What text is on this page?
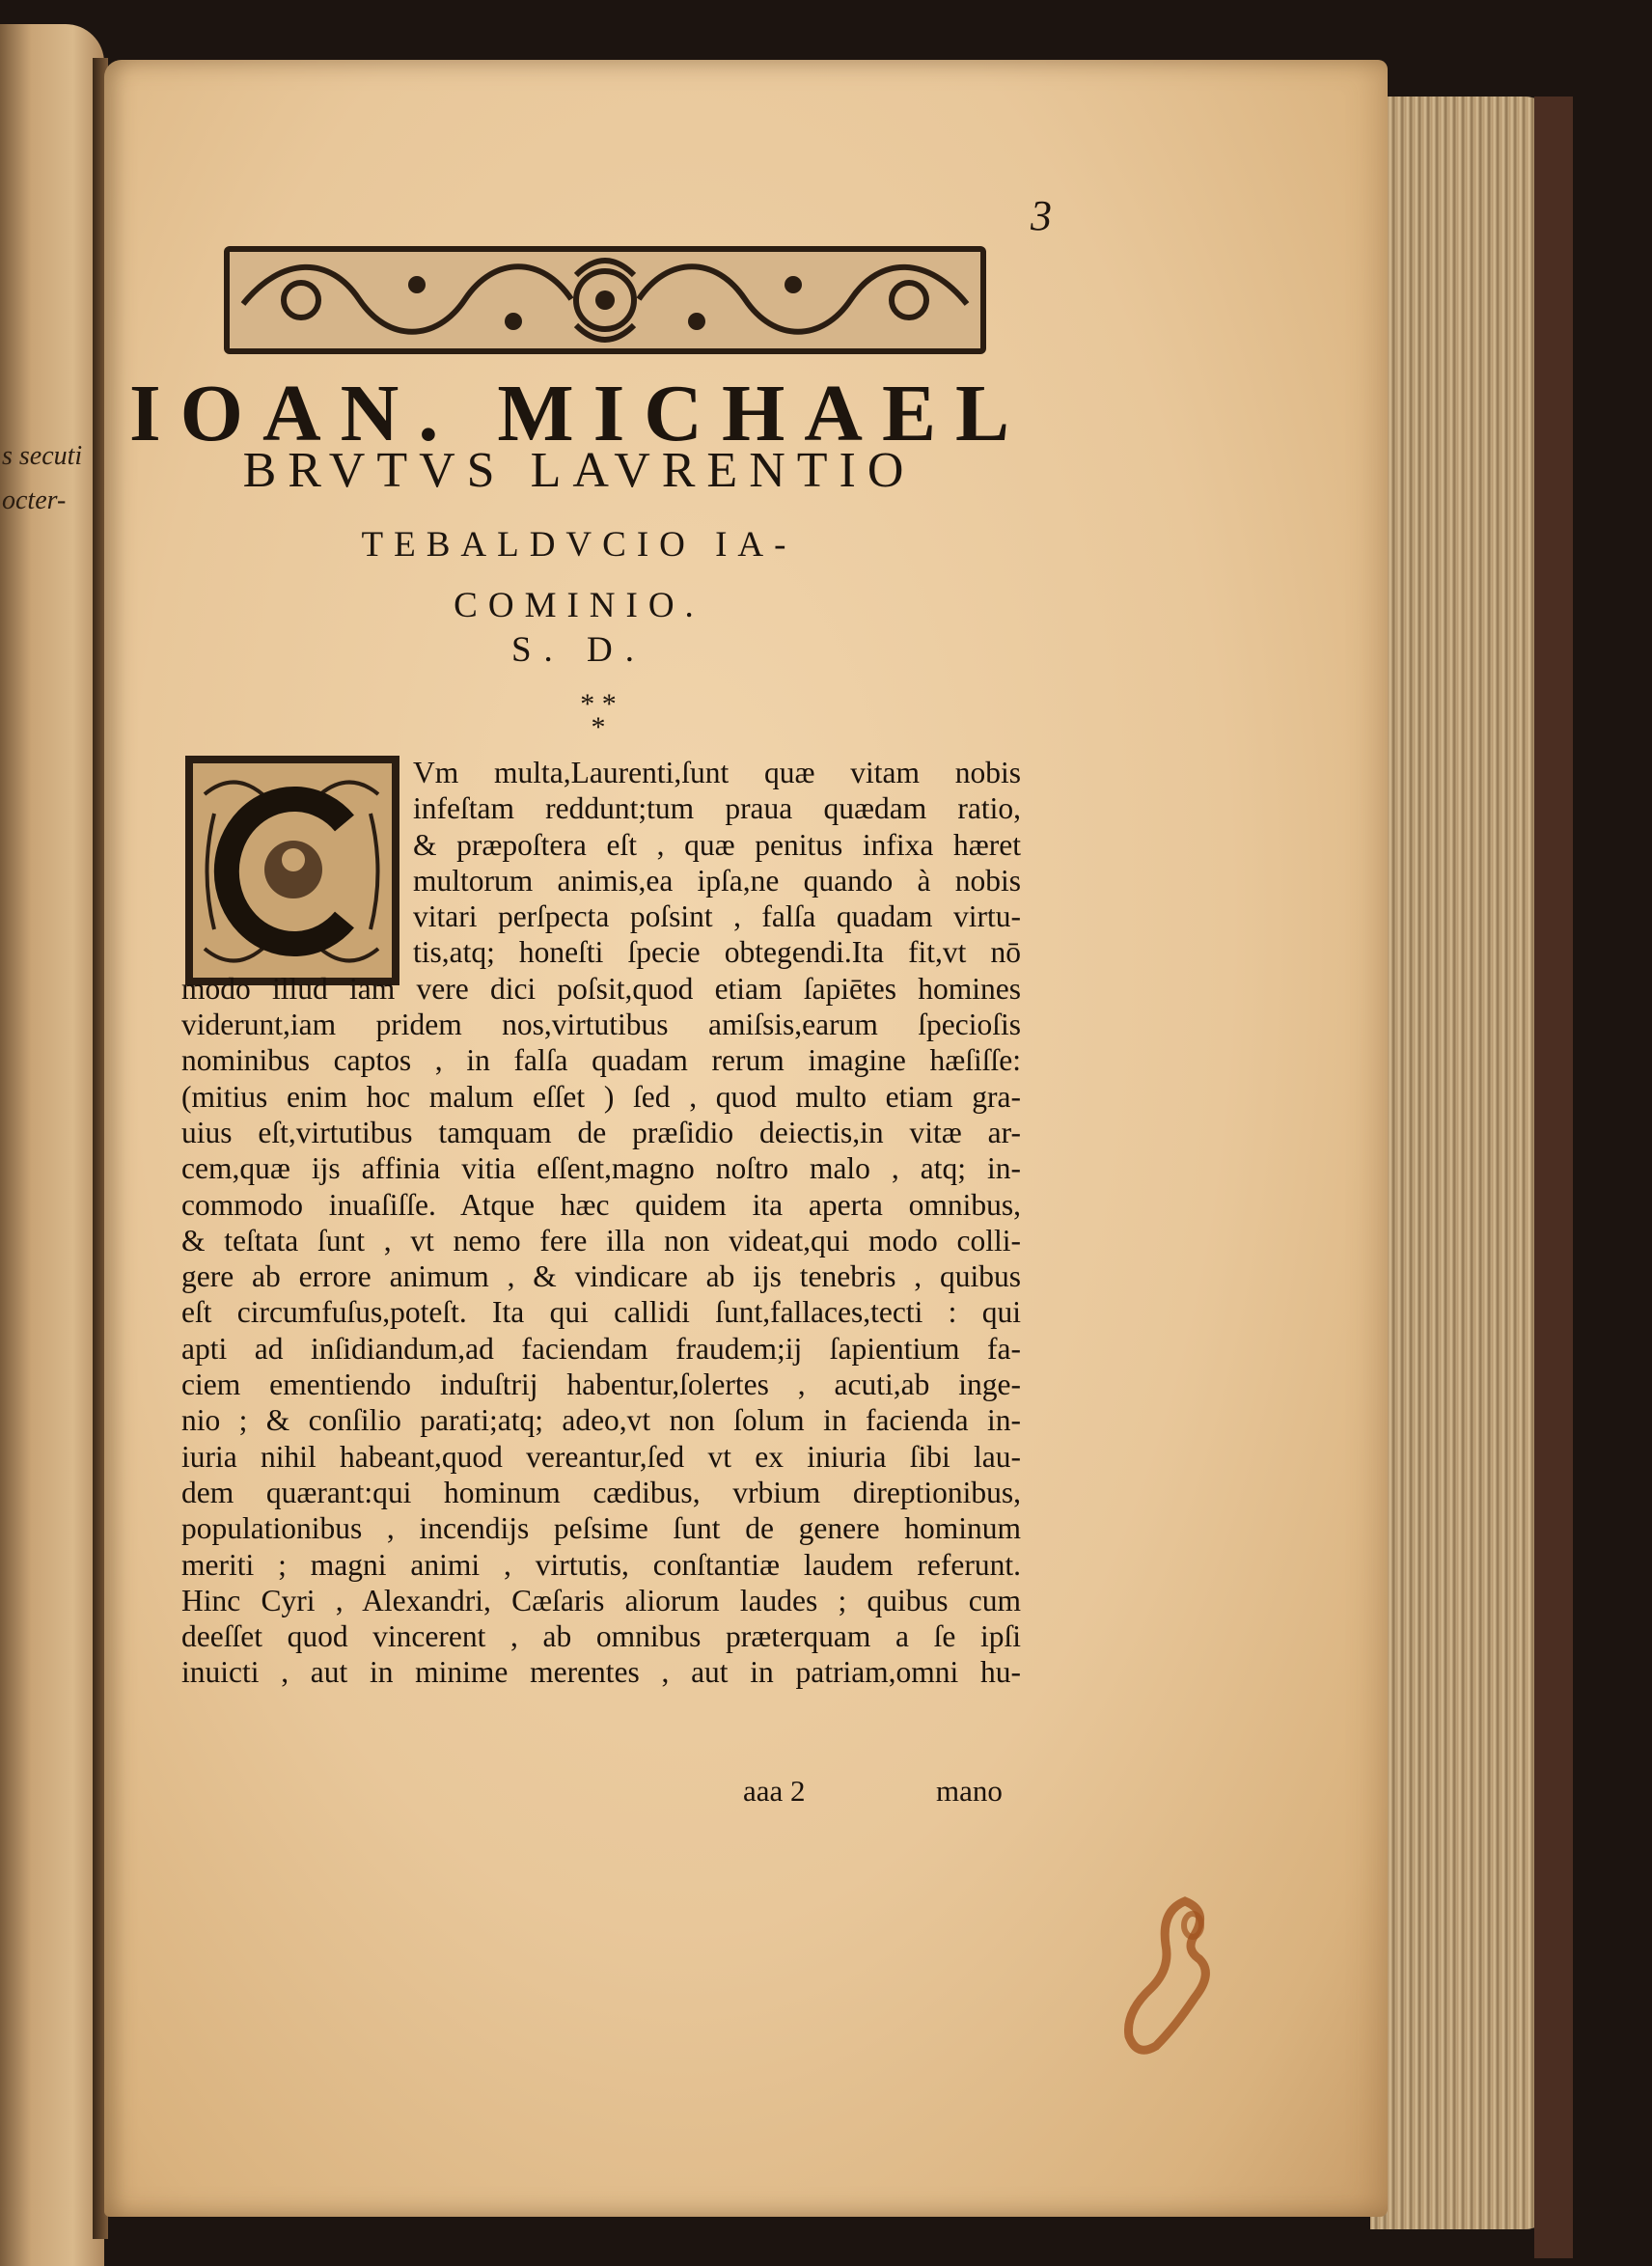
s secuti
octer-
3
IOAN. MICHAEL
BRVTVS LAVRENTIO
TEBALDVCIO IA-
COMINIO.
S. D.
* *
*
Vm multa,Laurenti,ſunt quæ vitam nobis
infeſtam reddunt;tum praua quædam ratio,
& præpoſtera eſt , quæ penitus infixa hæret
multorum animis,ea ipſa,ne quando à nobis
vitari perſpecta poſsint , falſa quadam virtu-
tis,atq; honeſti ſpecie obtegendi.Ita fit,vt nō
modo illud iam vere dici poſsit,quod etiam ſapiētes homines
viderunt,iam pridem nos,virtutibus amiſsis,earum ſpecioſis
nominibus captos , in falſa quadam rerum imagine hæſiſſe:
(mitius enim hoc malum eſſet ) ſed , quod multo etiam gra-
uius eſt,virtutibus tamquam de præſidio deiectis,in vitæ ar-
cem,quæ ijs affinia vitia eſſent,magno noſtro malo , atq; in-
commodo inuaſiſſe. Atque hæc quidem ita aperta omnibus,
& teſtata ſunt , vt nemo fere illa non videat,qui modo colli-
gere ab errore animum , & vindicare ab ijs tenebris , quibus
eſt circumfuſus,poteſt. Ita qui callidi ſunt,fallaces,tecti : qui
apti ad inſidiandum,ad faciendam fraudem;ij ſapientium fa-
ciem ementiendo induſtrij habentur,ſolertes , acuti,ab inge-
nio ; & conſilio parati;atq; adeo,vt non ſolum in facienda in-
iuria nihil habeant,quod vereantur,ſed vt ex iniuria ſibi lau-
dem quærant:qui hominum cædibus, vrbium direptionibus,
populationibus , incendijs peſsime ſunt de genere hominum
meriti ; magni animi , virtutis, conſtantiæ laudem referunt.
Hinc Cyri , Alexandri, Cæſaris aliorum laudes ; quibus cum
deeſſet quod vincerent , ab omnibus præterquam a ſe ipſi
inuicti , aut in minime merentes , aut in patriam,omni hu-
aaa 2	mano
